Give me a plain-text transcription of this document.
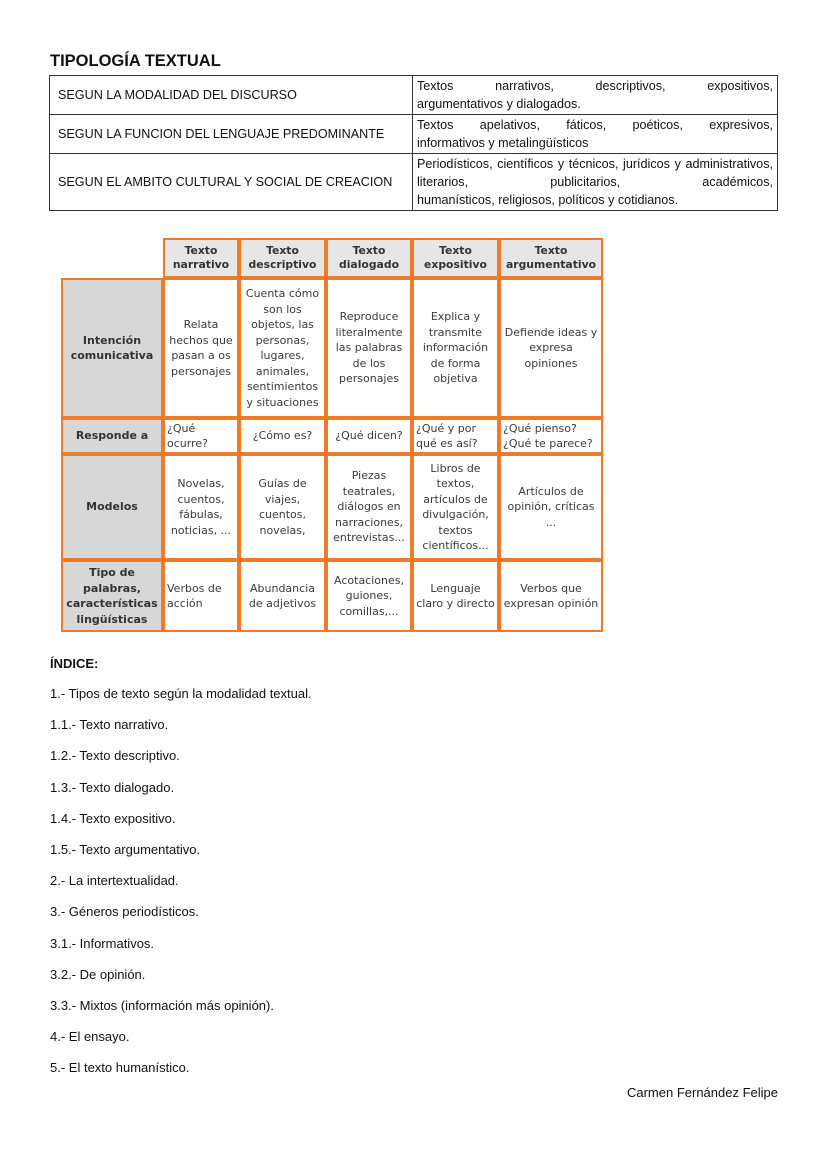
TIPOLOGÍA TEXTUAL
SEGUN LA MODALIDAD DEL DISCURSO	Textos narrativos, descriptivos, expositivos,
argumentativos y dialogados.

SEGUN LA FUNCION DEL LENGUAJE PREDOMINANTE	Textos apelativos, fáticos, poéticos, expresivos,
informativos y metalingüísticos

SEGUN EL AMBITO CULTURAL Y SOCIAL DE CREACION	Periodísticos, científicos y técnicos, jurídicos y administrativos, literarios, publicitarios, académicos,
humanísticos, religiosos, políticos y cotidianos.
	Texto narrativo	Texto descriptivo	Texto dialogado	Texto expositivo	Texto argumentativo
Intención comunicativa	Relata hechos que pasan a os personajes	Cuenta cómo son los objetos, las personas, lugares, animales, sentimientos y situaciones	Reproduce literalmente las palabras de los personajes	Explica y transmite información de forma objetiva	Defiende ideas y expresa opiniones
Responde a	¿Qué ocurre?	¿Cómo es?	¿Qué dicen?	¿Qué y por qué es así?	¿Qué pienso? ¿Qué te parece?
Modelos	Novelas, cuentos, fábulas, noticias, ...	Guías de viajes, cuentos, novelas,	Piezas teatrales, diálogos en narraciones, entrevistas...	Libros de textos, artículos de divulgación, textos científicos...	Artículos de opinión, críticas ...
Tipo de palabras, características lingüísticas	Verbos de acción	Abundancia de adjetivos	Acotaciones, guiones, comillas,...	Lenguaje claro y directo	Verbos que expresan opinión
ÍNDICE:
1.- Tipos de texto según la modalidad textual.
1.1.- Texto narrativo.
1.2.- Texto descriptivo.
1.3.- Texto dialogado.
1.4.- Texto expositivo.
1.5.- Texto argumentativo.
2.- La intertextualidad.
3.- Géneros periodísticos.
3.1.- Informativos.
3.2.- De opinión.
3.3.- Mixtos (información más opinión).
4.- El ensayo.
5.- El texto humanístico.
Carmen Fernández Felipe
